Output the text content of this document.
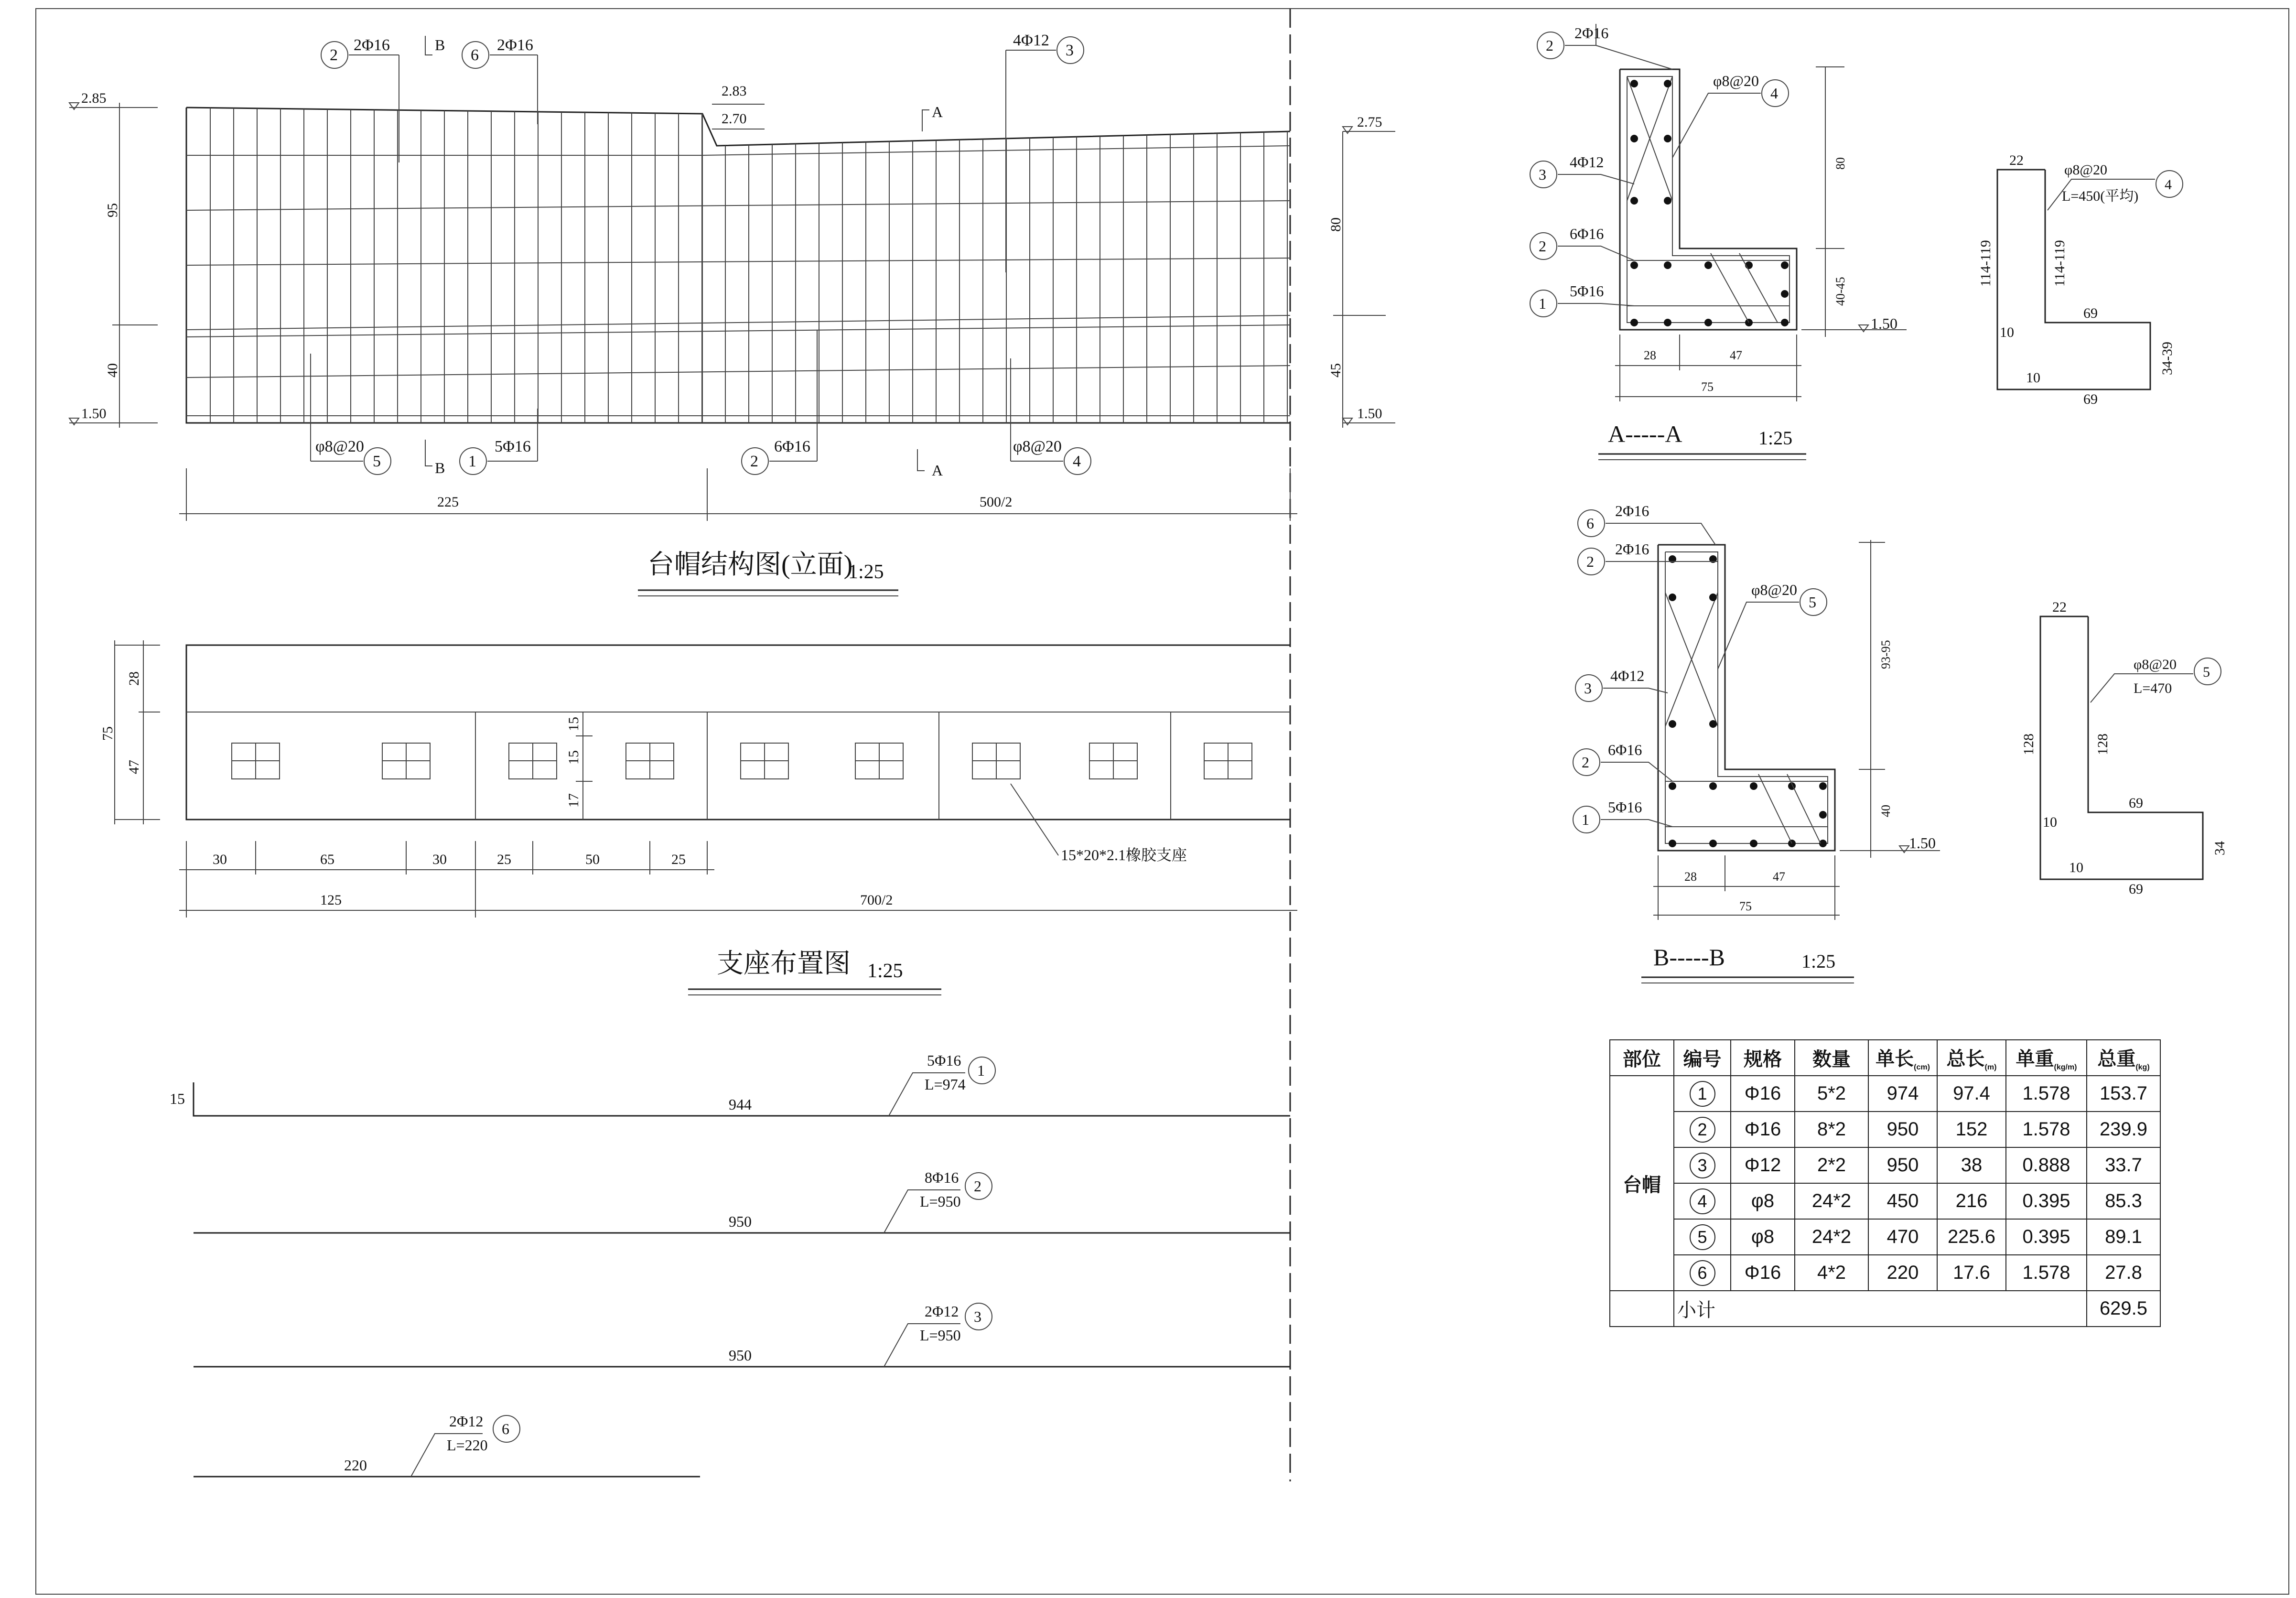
2.85
1.50
2.83
2.70	2.75
1.50
95
40
80
45
B
B
A
A
2
2Φ16
6
2Φ16	3
4Φ12
5
φ8@20
1
5Φ16
2
6Φ16
4
φ8@20
225	500/2
台帽结构图(立面)
1:25
75
28
47
15
15
17
30	65	30	25	50	25
125	700/2
15*20*2.1橡胶支座
支座布置图 1:25
15	944
5Φ16
L=974
1
950
8Φ16
L=950
2
950
2Φ12
L=950
3
220
2Φ12
L=220
6
2
2Φ16
4
φ8@20
3
4Φ12
2
6Φ16
1
5Φ16
1.50
80
40-45
28	47
75
A-----A	1:25
22
114-119	114-119
69
69
10
10
34-39
φ8@20
L=450(平均)
4
6
2Φ16
2
2Φ16
5
φ8@20
3
4Φ12
2
6Φ16
1
5Φ16
1.50
93-95
40
28	47
75
B-----B	1:25
22
128	128
69
69
10
10
34
φ8@20
L=470
5
部位	编号	规格	数量	单长$_{(cm)}$	总长$_{(m)}$	单重$_{(kg/m)}$	总重$_{(kg)}$
台帽	1	Φ16	5*2	974	97.4	1.578	153.7
	2	Φ16	8*2	950	152	1.578	239.9
	3	Φ12	2*2	950	38	0.888	33.7
	4	φ8	24*2	450	216	0.395	85.3
	5	φ8	24*2	470	225.6	0.395	89.1
	6	Φ16	4*2	220	17.6	1.578	27.8
	小计						629.5
